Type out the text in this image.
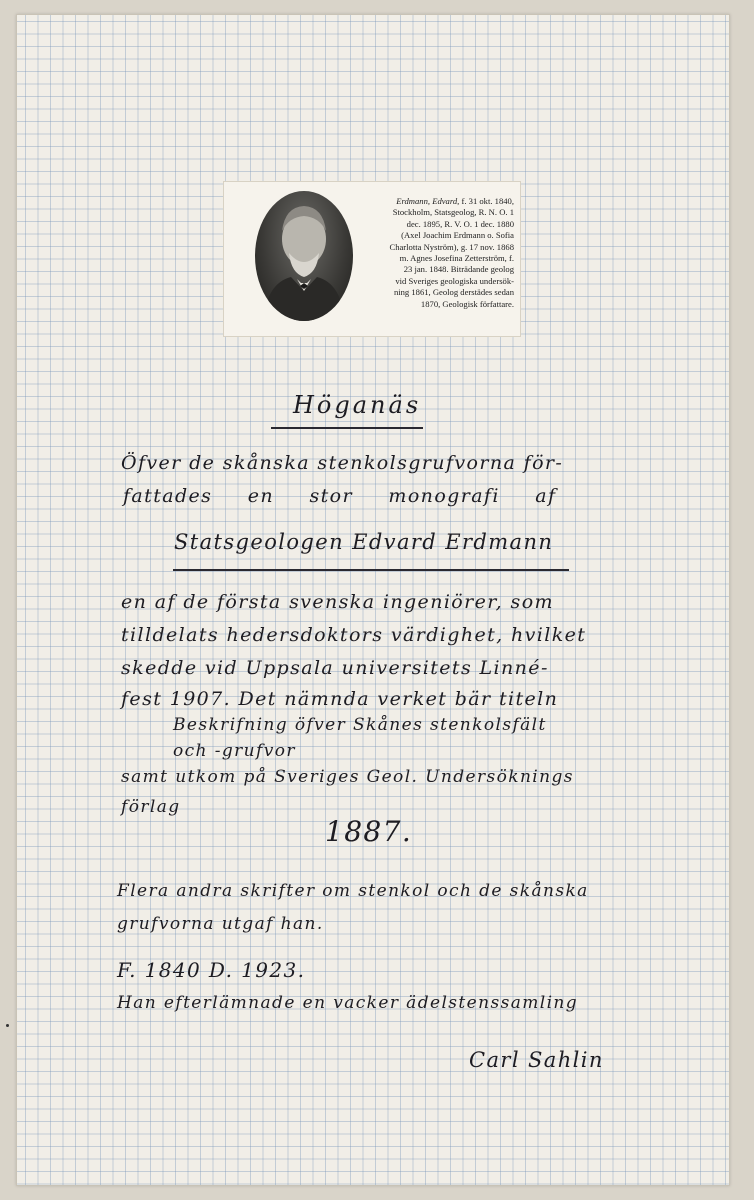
Erdmann, Edvard, f. 31 okt. 1840,
Stockholm, Statsgeolog, R. N. O. 1
dec. 1895, R. V. O. 1 dec. 1880
(Axel Joachim Erdmann o. Sofia
Charlotta Nyström), g. 17 nov. 1868
m. Agnes Josefina Zetterström, f.
23 jan. 1848. Biträdande geolog
vid Sveriges geologiska undersök-
ning 1861, Geolog derstädes sedan
1870, Geologisk författare.
Höganäs
Öfver de skånska stenkolsgrufvorna för-
fattades en stor monografi af
Statsgeologen Edvard Erdmann
en af de första svenska ingeniörer, som
tilldelats hedersdoktors värdighet, hvilket
skedde vid Uppsala universitets Linné-
fest 1907. Det nämnda verket bär titeln
Beskrifning öfver Skånes stenkolsfält
och -grufvor
samt utkom på Sveriges Geol. Undersöknings
förlag
1887.
Flera andra skrifter om stenkol och de skånska
grufvorna utgaf han.
F. 1840 D. 1923.
Han efterlämnade en vacker ädelstenssamling
Carl Sahlin
